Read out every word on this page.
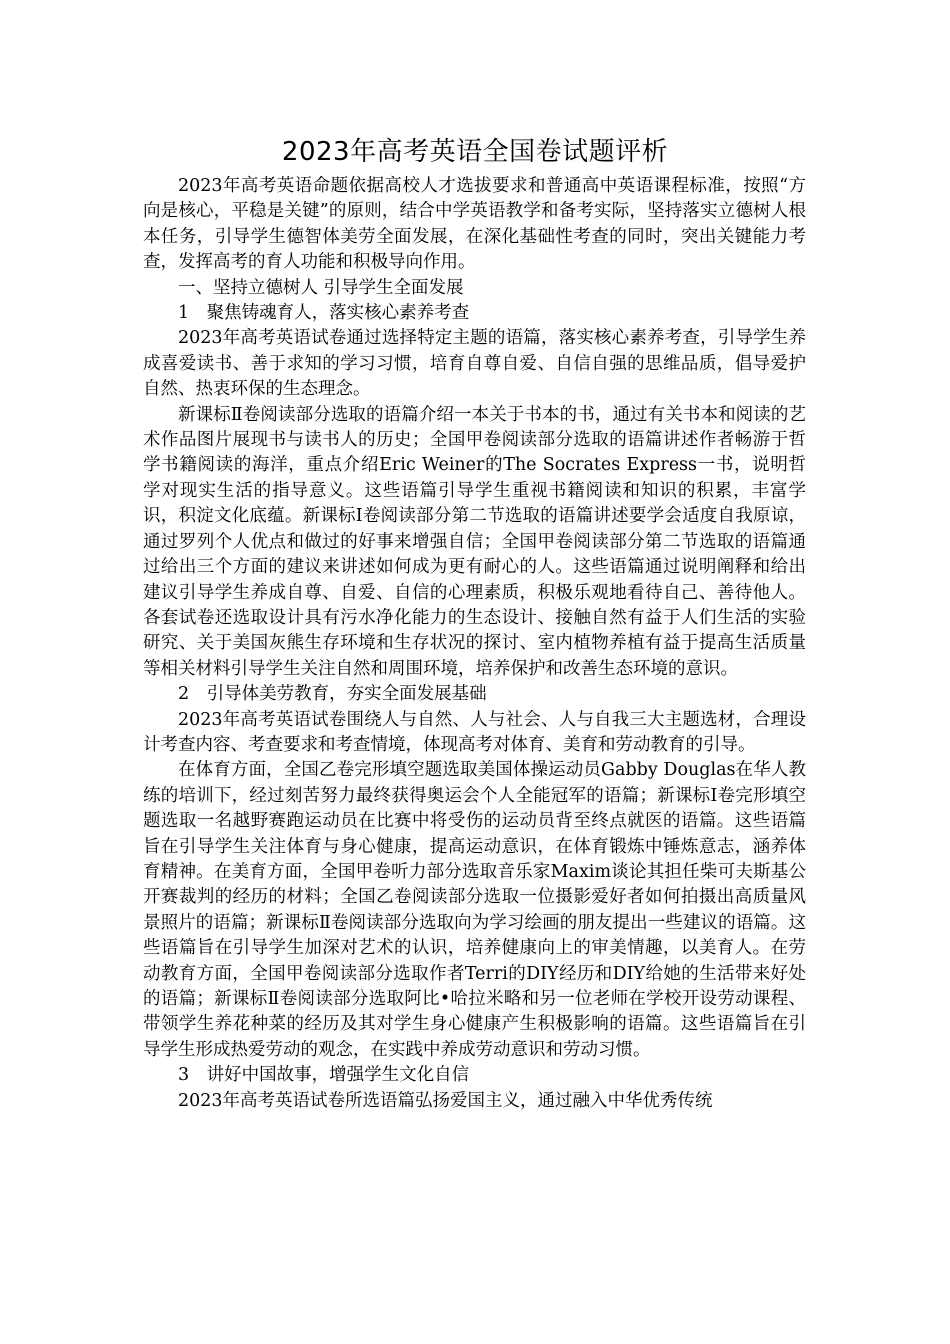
2023年高考英语全国卷试题评析

2023年高考英语命题依据高校人才选拔要求和普通高中英语课程标准，按照“方向是核心，平稳是关键”的原则，结合中学英语教学和备考实际，坚持落实立德树人根本任务，引导学生德智体美劳全面发展，在深化基础性考查的同时，突出关键能力考查，发挥高考的育人功能和积极导向作用。

一、坚持立德树人 引导学生全面发展

1　聚焦铸魂育人，落实核心素养考查

2023年高考英语试卷通过选择特定主题的语篇，落实核心素养考查，引导学生养成喜爱读书、善于求知的学习习惯，培育自尊自爱、自信自强的思维品质，倡导爱护自然、热衷环保的生态理念。

新课标Ⅱ卷阅读部分选取的语篇介绍一本关于书本的书，通过有关书本和阅读的艺术作品图片展现书与读书人的历史；全国甲卷阅读部分选取的语篇讲述作者畅游于哲学书籍阅读的海洋，重点介绍Eric Weiner的The Socrates Express一书，说明哲学对现实生活的指导意义。这些语篇引导学生重视书籍阅读和知识的积累，丰富学识，积淀文化底蕴。新课标Ⅰ卷阅读部分第二节选取的语篇讲述要学会适度自我原谅，通过罗列个人优点和做过的好事来增强自信；全国甲卷阅读部分第二节选取的语篇通过给出三个方面的建议来讲述如何成为更有耐心的人。这些语篇通过说明阐释和给出建议引导学生养成自尊、自爱、自信的心理素质，积极乐观地看待自己、善待他人。各套试卷还选取设计具有污水净化能力的生态设计、接触自然有益于人们生活的实验研究、关于美国灰熊生存环境和生存状况的探讨、室内植物养植有益于提高生活质量等相关材料引导学生关注自然和周围环境，培养保护和改善生态环境的意识。

2　引导体美劳教育，夯实全面发展基础

2023年高考英语试卷围绕人与自然、人与社会、人与自我三大主题选材，合理设计考查内容、考查要求和考查情境，体现高考对体育、美育和劳动教育的引导。

在体育方面，全国乙卷完形填空题选取美国体操运动员Gabby Douglas在华人教练的培训下，经过刻苦努力最终获得奥运会个人全能冠军的语篇；新课标Ⅰ卷完形填空题选取一名越野赛跑运动员在比赛中将受伤的运动员背至终点就医的语篇。这些语篇旨在引导学生关注体育与身心健康，提高运动意识，在体育锻炼中锤炼意志，涵养体育精神。在美育方面，全国甲卷听力部分选取音乐家Maxim谈论其担任柴可夫斯基公开赛裁判的经历的材料；全国乙卷阅读部分选取一位摄影爱好者如何拍摄出高质量风景照片的语篇；新课标Ⅱ卷阅读部分选取向为学习绘画的朋友提出一些建议的语篇。这些语篇旨在引导学生加深对艺术的认识，培养健康向上的审美情趣，以美育人。在劳动教育方面，全国甲卷阅读部分选取作者Terri的DIY经历和DIY给她的生活带来好处的语篇；新课标Ⅱ卷阅读部分选取阿比•哈拉米略和另一位老师在学校开设劳动课程、带领学生养花种菜的经历及其对学生身心健康产生积极影响的语篇。这些语篇旨在引导学生形成热爱劳动的观念，在实践中养成劳动意识和劳动习惯。

3　讲好中国故事，增强学生文化自信

2023年高考英语试卷所选语篇弘扬爱国主义，通过融入中华优秀传统
